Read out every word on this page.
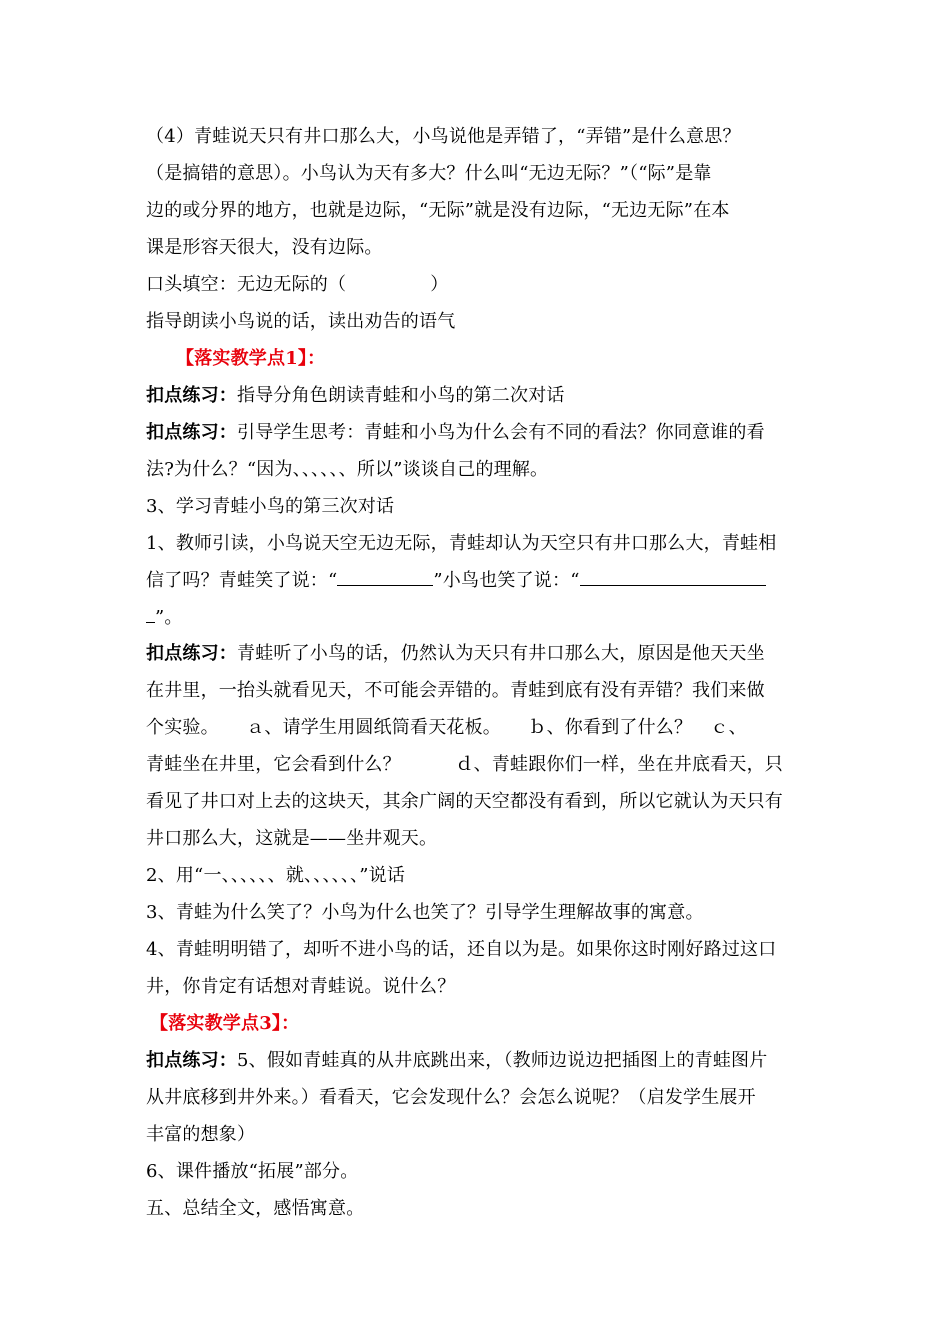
（4）青蛙说天只有井口那么大，小鸟说他是弄错了，“弄错”是什么意思？
（是搞错的意思）。小鸟认为天有多大？什么叫“无边无际？”（“际”是靠
边的或分界的地方，也就是边际，“无际”就是没有边际，“无边无际”在本
课是形容天很大，没有边际。
口头填空：无边无际的（	）
指导朗读小鸟说的话，读出劝告的语气
【落实教学点1】：
扣点练习：指导分角色朗读青蛙和小鸟的第二次对话
扣点练习：引导学生思考：青蛙和小鸟为什么会有不同的看法？你同意谁的看
法?为什么？“因为、、、、、、所以”谈谈自己的理解。
3、学习青蛙小鸟的第三次对话
1、教师引读，小鸟说天空无边无际，青蛙却认为天空只有井口那么大，青蛙相
信了吗？青蛙笑了说：“	”小鸟也笑了说：“
”。
扣点练习：青蛙听了小鸟的话，仍然认为天只有井口那么大，原因是他天天坐
在井里，一抬头就看见天，不可能会弄错的。青蛙到底有没有弄错？我们来做
个实验。　　ａ、请学生用圆纸筒看天花板。　　ｂ、你看到了什么？　ｃ、
青蛙坐在井里，它会看到什么？　　　ｄ、青蛙跟你们一样，坐在井底看天，只
看见了井口对上去的这块天，其余广阔的天空都没有看到，所以它就认为天只有
井口那么大，这就是——坐井观天。
2、用“一、、、、、、就、、、、、、”说话
3、青蛙为什么笑了？小鸟为什么也笑了？引导学生理解故事的寓意。
4、青蛙明明错了，却听不进小鸟的话，还自以为是。如果你这时刚好路过这口
井，你肯定有话想对青蛙说。说什么？
【落实教学点3】：
扣点练习：5、假如青蛙真的从井底跳出来，（教师边说边把插图上的青蛙图片
从井底移到井外来。）看看天，它会发现什么？会怎么说呢？（启发学生展开
丰富的想象）
6、课件播放“拓展”部分。
五、总结全文，感悟寓意。
